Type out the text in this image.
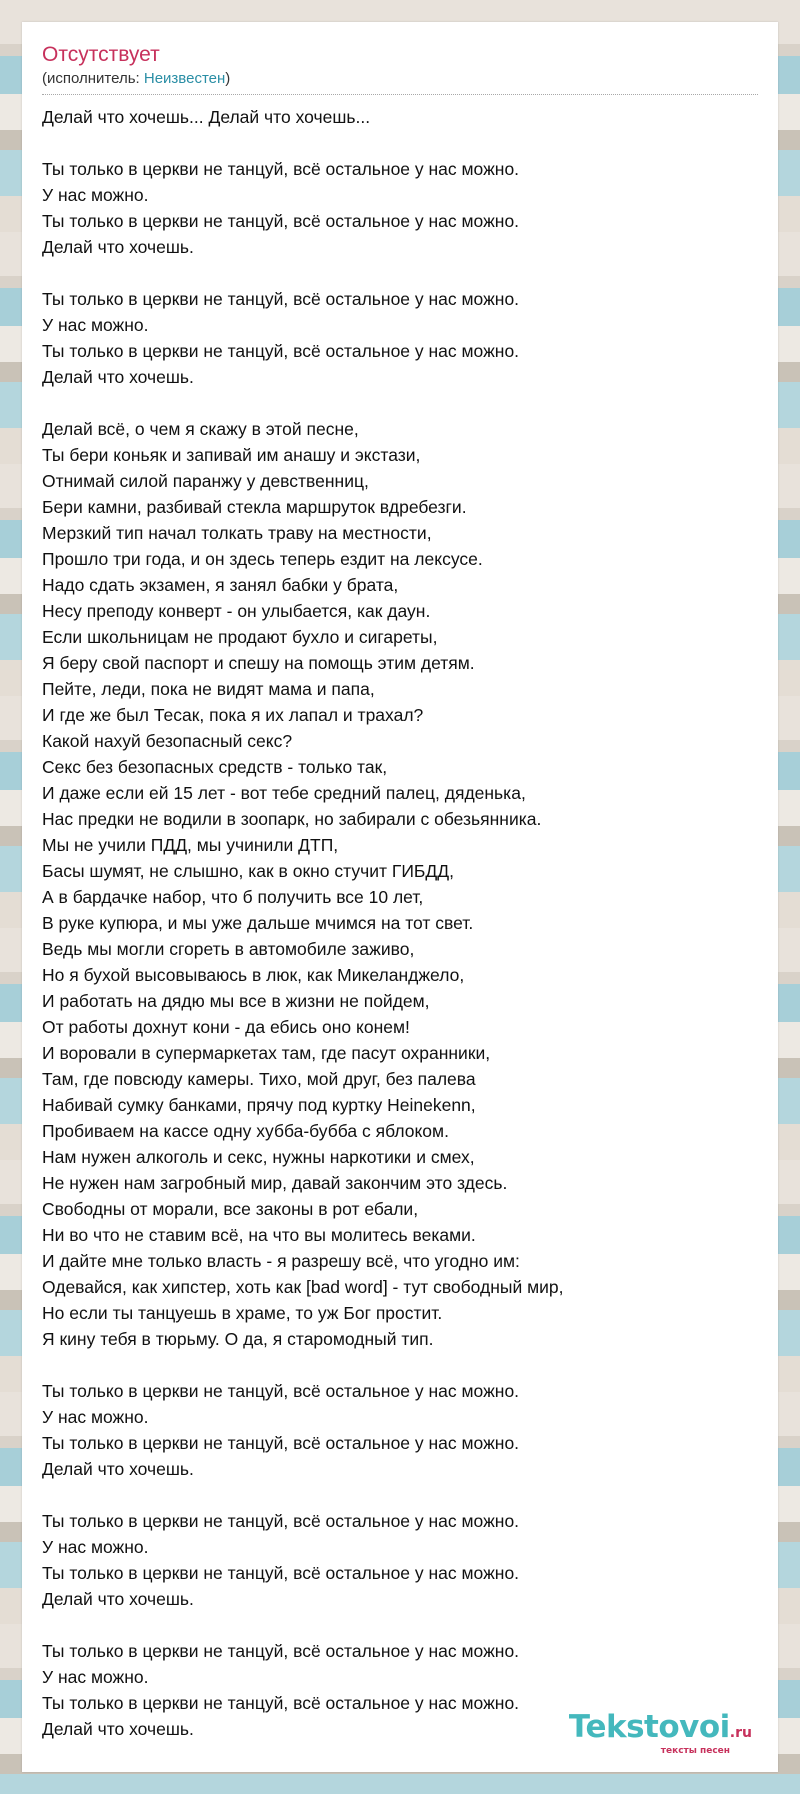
Отсутствует
(исполнитель: Неизвестен)
Делай что хочешь... Делай что хочешь...
Ты только в церкви не танцуй, всё остальное у нас можно.
У нас можно.
Ты только в церкви не танцуй, всё остальное у нас можно.
Делай что хочешь.
Ты только в церкви не танцуй, всё остальное у нас можно.
У нас можно.
Ты только в церкви не танцуй, всё остальное у нас можно.
Делай что хочешь.
Делай всё, о чем я скажу в этой песне,
Ты бери коньяк и запивай им анашу и экстази,
Отнимай силой паранжу у девственниц,
Бери камни, разбивай стекла маршруток вдребезги.
Мерзкий тип начал толкать траву на местности,
Прошло три года, и он здесь теперь ездит на лексусе.
Надо сдать экзамен, я занял бабки у брата,
Несу преподу конверт - он улыбается, как даун.
Если школьницам не продают бухло и сигареты,
Я беру свой паспорт и спешу на помощь этим детям.
Пейте, леди, пока не видят мама и папа,
И где же был Тесак, пока я их лапал и трахал?
Какой нахуй безопасный секс?
Секс без безопасных средств - только так,
И даже если ей 15 лет - вот тебе средний палец, дяденька,
Нас предки не водили в зоопарк, но забирали с обезьянника.
Мы не учили ПДД, мы учинили ДТП,
Басы шумят, не слышно, как в окно стучит ГИБДД,
А в бардачке набор, что б получить все 10 лет,
В руке купюра, и мы уже дальше мчимся на тот свет.
Ведь мы могли сгореть в автомобиле заживо,
Но я бухой высовываюсь в люк, как Микеланджело,
И работать на дядю мы все в жизни не пойдем,
От работы дохнут кони - да ебись оно конем!
И воровали в супермаркетах там, где пасут охранники,
Там, где повсюду камеры. Тихо, мой друг, без палева
Набивай сумку банками, прячу под куртку Heinekenn,
Пробиваем на кассе одну хубба-бубба с яблоком.
Нам нужен алкоголь и секс, нужны наркотики и смех,
Не нужен нам загробный мир, давай закончим это здесь.
Свободны от морали, все законы в рот ебали,
Ни во что не ставим всё, на что вы молитесь веками.
И дайте мне только власть - я разрешу всё, что угодно им:
Одевайся, как хипстер, хоть как [bad word] - тут свободный мир,
Но если ты танцуешь в храме, то уж Бог простит.
Я кину тебя в тюрьму. О да, я старомодный тип.
Ты только в церкви не танцуй, всё остальное у нас можно.
У нас можно.
Ты только в церкви не танцуй, всё остальное у нас можно.
Делай что хочешь.
Ты только в церкви не танцуй, всё остальное у нас можно.
У нас можно.
Ты только в церкви не танцуй, всё остальное у нас можно.
Делай что хочешь.
Ты только в церкви не танцуй, всё остальное у нас можно.
У нас можно.
Ты только в церкви не танцуй, всё остальное у нас можно.
Делай что хочешь.	Tekstovoi.ru
тексты песен
